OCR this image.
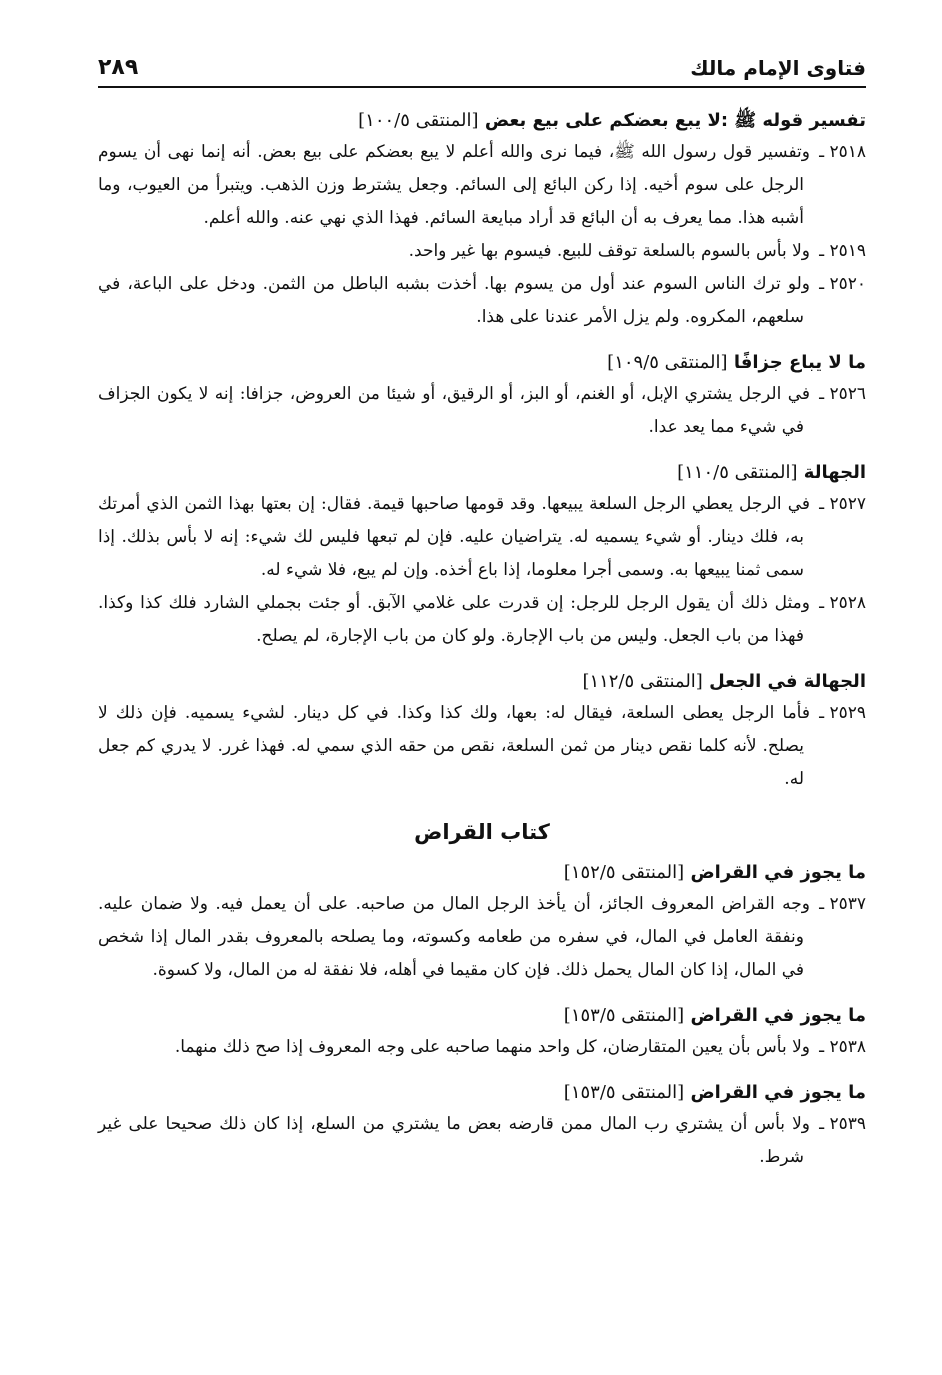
فتاوى الإمام مالك
٢٨٩
تفسير قوله ﷺ :لا يبع بعضكم على بيع بعض [المنتقى ١٠٠/٥]
٢٥١٨ ـوتفسير قول رسول الله ﷺ، فيما نرى والله أعلم لا يبع بعضكم على بيع بعض. أنه إنما نهى أن يسوم الرجل على سوم أخيه. إذا ركن البائع إلى السائم. وجعل يشترط وزن الذهب. ويتبرأ من العيوب، وما أشبه هذا. مما يعرف به أن البائع قد أراد مبايعة السائم. فهذا الذي نهي عنه. والله أعلم.
٢٥١٩ ـولا بأس بالسوم بالسلعة توقف للبيع. فيسوم بها غير واحد.
٢٥٢٠ ـولو ترك الناس السوم عند أول من يسوم بها. أخذت بشبه الباطل من الثمن. ودخل على الباعة، في سلعهم، المكروه. ولم يزل الأمر عندنا على هذا.
ما لا يباع جزافًا [المنتقى ١٠٩/٥]
٢٥٢٦ ـفي الرجل يشتري الإبل، أو الغنم، أو البز، أو الرقيق، أو شيئا من العروض، جزافا: إنه لا يكون الجزاف في شيء مما يعد عدا.
الجهالة [المنتقى ١١٠/٥]
٢٥٢٧ ـفي الرجل يعطي الرجل السلعة يبيعها. وقد قومها صاحبها قيمة. فقال: إن بعتها بهذا الثمن الذي أمرتك به، فلك دينار. أو شيء يسميه له. يتراضيان عليه. فإن لم تبعها فليس لك شيء: إنه لا بأس بذلك. إذا سمى ثمنا يبيعها به. وسمى أجرا معلوما، إذا باع أخذه. وإن لم يبع، فلا شيء له.
٢٥٢٨ ـومثل ذلك أن يقول الرجل للرجل: إن قدرت على غلامي الآبق. أو جئت بجملي الشارد فلك كذا وكذا. فهذا من باب الجعل. وليس من باب الإجارة. ولو كان من باب الإجارة، لم يصلح.
الجهالة في الجعل [المنتقى ١١٢/٥]
٢٥٢٩ ـفأما الرجل يعطى السلعة، فيقال له: بعها، ولك كذا وكذا. في كل دينار. لشيء يسميه. فإن ذلك لا يصلح. لأنه كلما نقص دينار من ثمن السلعة، نقص من حقه الذي سمي له. فهذا غرر. لا يدري كم جعل له.
كتاب القراض
ما يجوز في القراض [المنتقى ١٥٢/٥]
٢٥٣٧ ـوجه القراض المعروف الجائز، أن يأخذ الرجل المال من صاحبه. على أن يعمل فيه. ولا ضمان عليه. ونفقة العامل في المال، في سفره من طعامه وكسوته، وما يصلحه بالمعروف بقدر المال إذا شخص في المال، إذا كان المال يحمل ذلك. فإن كان مقيما في أهله، فلا نفقة له من المال، ولا كسوة.
ما يجوز في القراض [المنتقى ١٥٣/٥]
٢٥٣٨ ـولا بأس بأن يعين المتقارضان، كل واحد منهما صاحبه على وجه المعروف إذا صح ذلك منهما.
ما يجوز في القراض [المنتقى ١٥٣/٥]
٢٥٣٩ ـولا بأس أن يشتري رب المال ممن قارضه بعض ما يشتري من السلع، إذا كان ذلك صحيحا على غير شرط.
